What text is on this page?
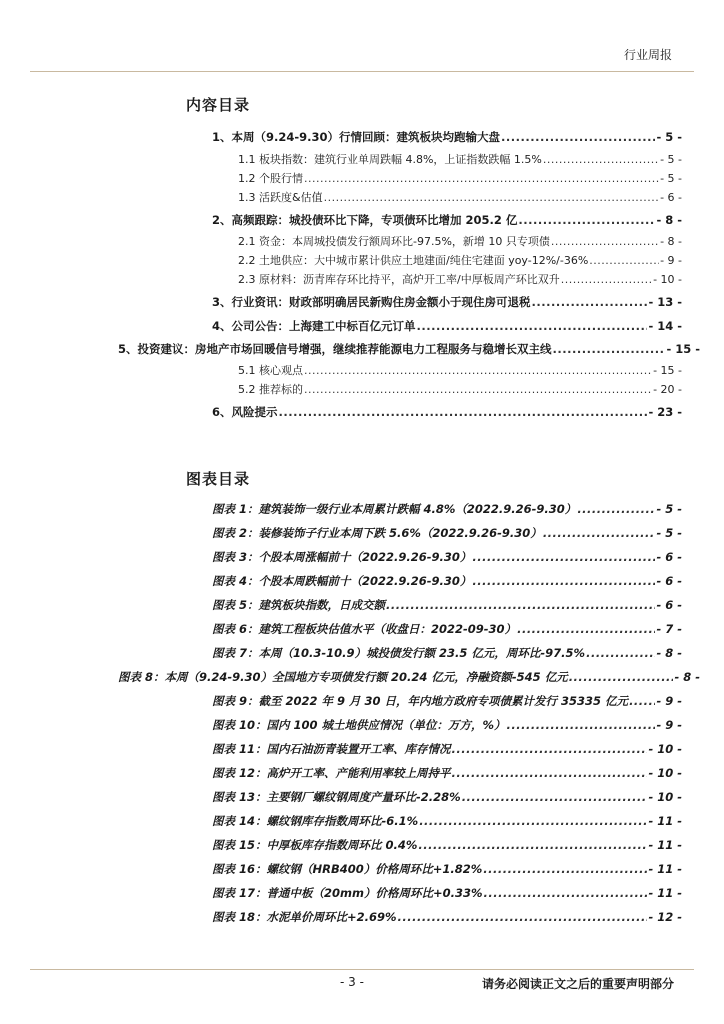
行业周报
内容目录
1、本周（9.24-9.30）行情回顾：建筑板块均跑输大盘 .....	- 5 -
1.1 板块指数：建筑行业单周跌幅 4.8%，上证指数跌幅 1.5% .....	- 5 -
1.2 个股行情 .....	- 5 -
1.3 活跃度&估值 .....	- 6 -
2、高频跟踪：城投债环比下降，专项债环比增加 205.2 亿 .....	- 8 -
2.1 资金：本周城投债发行额周环比-97.5%，新增 10 只专项债 .....	- 8 -
2.2 土地供应：大中城市累计供应土地建面/纯住宅建面 yoy-12%/-36% .....	- 9 -
2.3 原材料：沥青库存环比持平，高炉开工率/中厚板周产环比双升 .....	- 10 -
3、行业资讯：财政部明确居民新购住房金额小于现住房可退税 .....	- 13 -
4、公司公告：上海建工中标百亿元订单 .....	- 14 -
5、投资建议：房地产市场回暖信号增强，继续推荐能源电力工程服务与稳增长双主线 .....	- 15 -
5.1 核心观点 .....	- 15 -
5.2 推荐标的 .....	- 20 -
6、风险提示 .....	- 23 -
图表目录
图表 1：建筑装饰一级行业本周累计跌幅 4.8%（2022.9.26-9.30） .....	- 5 -
图表 2：装修装饰子行业本周下跌 5.6%（2022.9.26-9.30） .....	- 5 -
图表 3：个股本周涨幅前十（2022.9.26-9.30） .....	- 6 -
图表 4：个股本周跌幅前十（2022.9.26-9.30） .....	- 6 -
图表 5：建筑板块指数，日成交额 .....	- 6 -
图表 6：建筑工程板块估值水平（收盘日：2022-09-30） .....	- 7 -
图表 7：本周（10.3-10.9）城投债发行额 23.5 亿元，周环比-97.5% .....	- 8 -
图表 8：本周（9.24-9.30）全国地方专项债发行额 20.24 亿元，净融资额-545 亿元 .....	- 8 -
图表 9：截至 2022 年 9 月 30 日，年内地方政府专项债累计发行 35335 亿元 ..... - 9 -
图表 10：国内 100 城土地供应情况（单位：万方，%） .....	- 9 -
图表 11：国内石油沥青装置开工率、库存情况 .....	- 10 -
图表 12：高炉开工率、产能利用率较上周持平 .....	- 10 -
图表 13：主要钢厂螺纹钢周度产量环比-2.28% .....	- 10 -
图表 14：螺纹钢库存指数周环比-6.1% .....	- 11 -
图表 15：中厚板库存指数周环比 0.4% .....	- 11 -
图表 16：螺纹钢（HRB400）价格周环比+1.82% .....	- 11 -
图表 17：普通中板（20mm）价格周环比+0.33% .....	- 11 -
图表 18：水泥单价周环比+2.69% .....	- 12 -
- 3 -	请务必阅读正文之后的重要声明部分
